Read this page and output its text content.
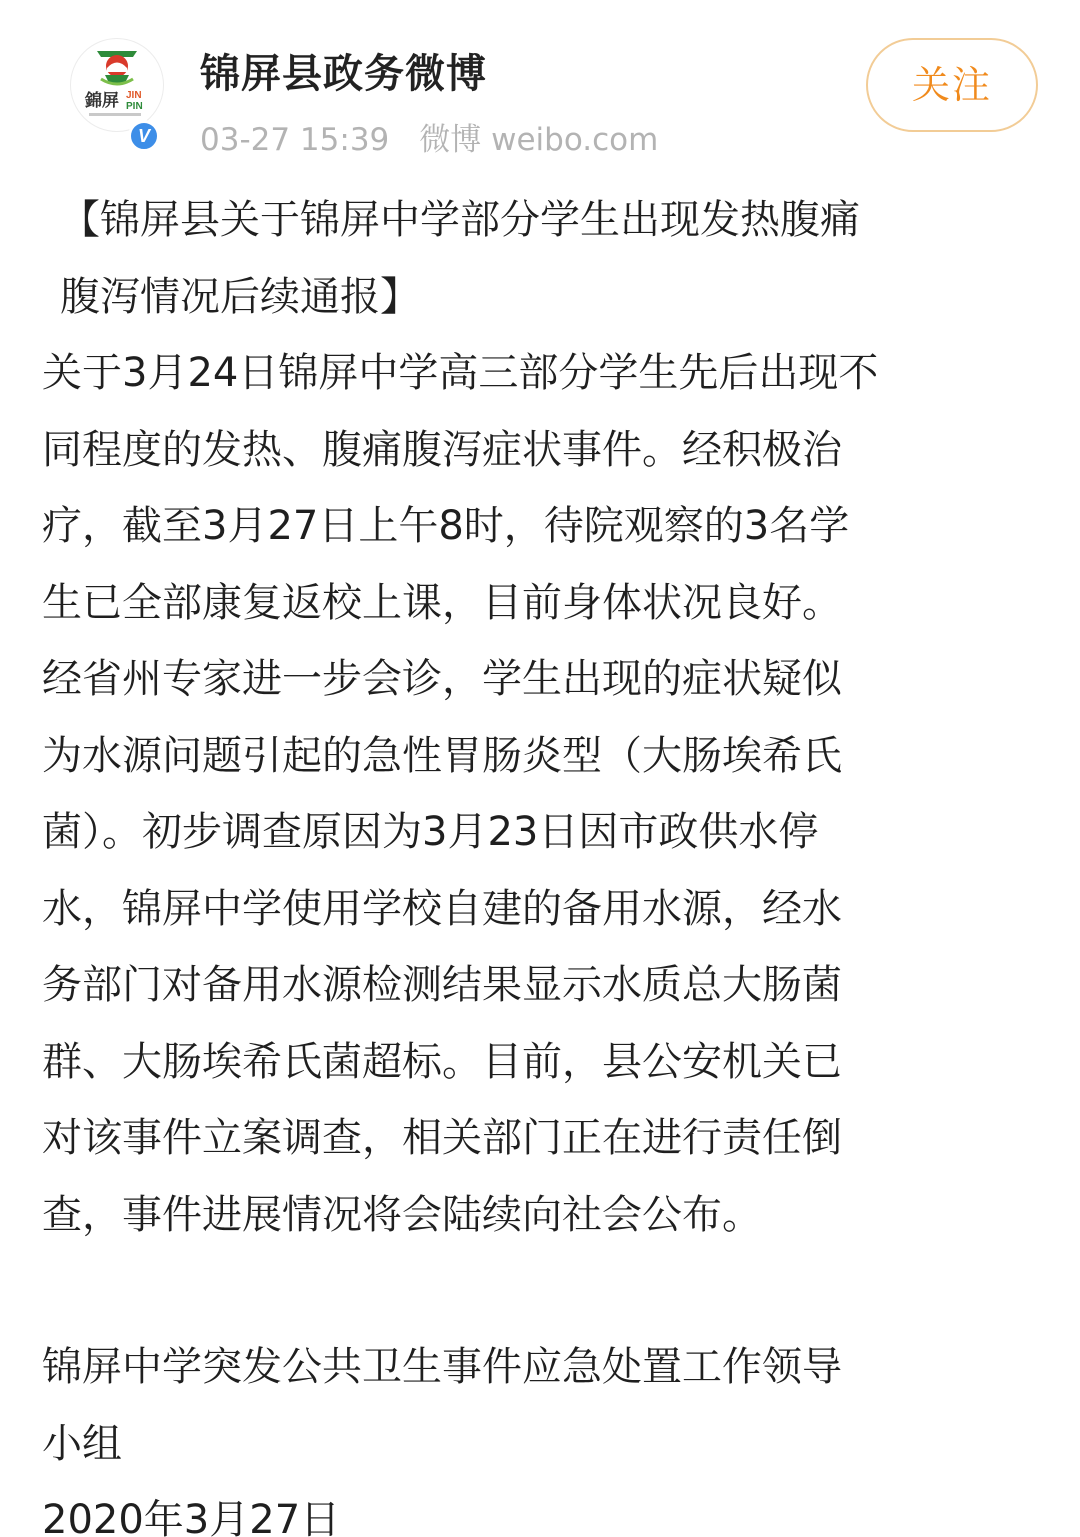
錦屏 JIN
PIN
V
锦屏县政务微博
03-27 15:39 微博 weibo.com
关注

【锦屏县关于锦屏中学部分学生出现发热腹痛
腹泻情况后续通报】

关于3月24日锦屏中学高三部分学生先后出现不
同程度的发热、腹痛腹泻症状事件。经积极治
疗，截至3月27日上午8时，待院观察的3名学
生已全部康复返校上课，目前身体状况良好。
经省州专家进一步会诊，学生出现的症状疑似
为水源问题引起的急性胃肠炎型（大肠埃希氏
菌）。初步调查原因为3月23日因市政供水停
水，锦屏中学使用学校自建的备用水源，经水
务部门对备用水源检测结果显示水质总大肠菌
群、大肠埃希氏菌超标。目前，县公安机关已
对该事件立案调查，相关部门正在进行责任倒
查，事件进展情况将会陆续向社会公布。

锦屏中学突发公共卫生事件应急处置工作领导
小组

2020年3月27日
